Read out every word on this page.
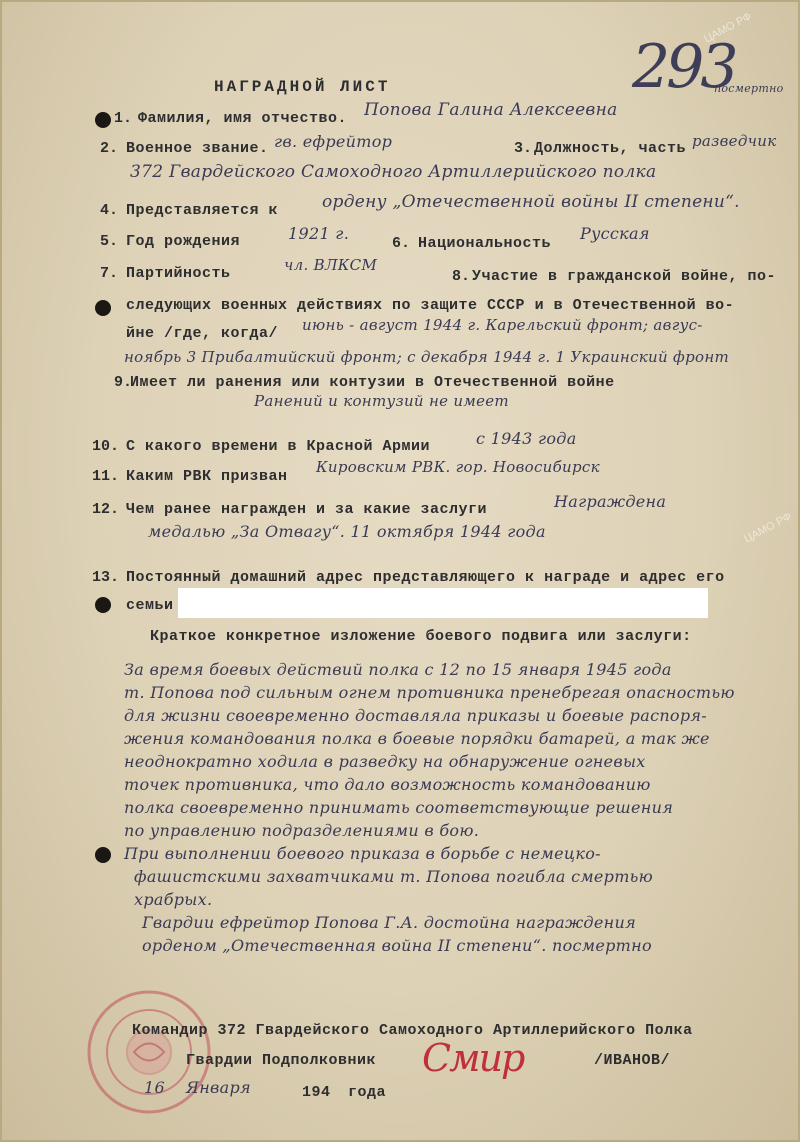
ЦАМО РФ
ЦАМО РФ
НАГРАДНОЙ ЛИСТ	293
посмертно
1. Фамилия, имя отчество. Попова Галина Алексеевна
2. Военное звание. гв. ефрейтор	3. Должность, часть разведчик
372 Гвардейского Самоходного Артиллерийского полка
4. Представляется к	ордену „Отечественной войны II степени“.
5. Год рождения	1921 г.
6. Национальность
Русская
7. Партийность	чл. ВЛКСМ
8. Участие в гражданской войне, по-
следующих военных действиях по защите СССР и в Отечественной во-
йне /где, когда/ июнь - август 1944 г. Карельский фронт; авгус-
ноябрь 3 Прибалтийский фронт; с декабря 1944 г. 1 Украинский фронт
9.
Имеет ли ранения или контузии в Отечественной войне
Ранений и контузий не имеет
10. С какого времени в Красной Армии	с 1943 года
11. Каким РВК призван
Кировским РВК. гор. Новосибирск
12. Чем ранее награжден и за какие заслуги	Награждена
медалью „За Отвагу“. 11 октября 1944 года
13. Постоянный домашний адрес представляющего к награде и адрес его
семьи
Краткое конкретное изложение боевого подвига или заслуги:
За время боевых действий полка с 12 по 15 января 1945 года
т. Попова под сильным огнем противника пренебрегая опасностью
для жизни своевременно доставляла приказы и боевые распоря-
жения командования полка в боевые порядки батарей, а так же
неоднократно ходила в разведку на обнаружение огневых
точек противника, что дало возможность командованию
полка своевременно принимать соответствующие решения
по управлению подразделениями в бою.
При выполнении боевого приказа в борьбе с немецко-
фашистскими захватчиками т. Попова погибла смертью
храбрых.
Гвардии ефрейтор Попова Г.А. достойна награждения
орденом „Отечественная война II степени“. посмертно
Командир 372 Гвардейского Самоходного Артиллерийского Полка
Гвардии Подполковник Смир	/ИВАНОВ/
16 Января	194 года
